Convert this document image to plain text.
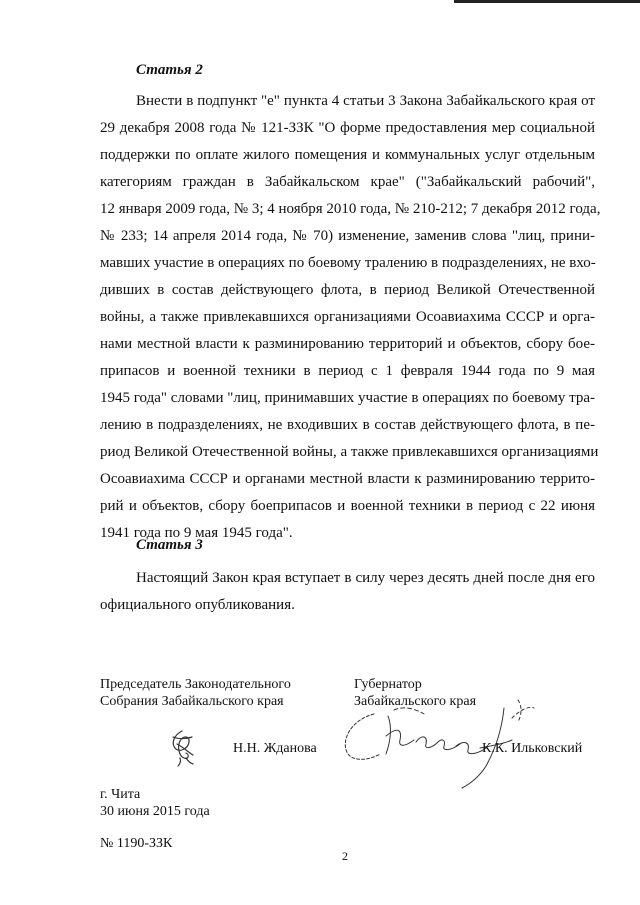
Статья 2

Внести в подпункт "е" пункта 4 статьи 3 Закона Забайкальского края от
29 декабря 2008 года № 121-ЗЗК "О форме предоставления мер социальной
поддержки по оплате жилого помещения и коммунальных услуг отдельным
категориям граждан в Забайкальском крае" ("Забайкальский рабочий",
12 января 2009 года, № 3; 4 ноября 2010 года, № 210-212; 7 декабря 2012 года,
№ 233; 14 апреля 2014 года, № 70) изменение, заменив слова "лиц, прини-
мавших участие в операциях по боевому тралению в подразделениях, не вхо-
дивших в состав действующего флота, в период Великой Отечественной
войны, а также привлекавшихся организациями Осоавиахима СССР и орга-
нами местной власти к разминированию территорий и объектов, сбору бое-
припасов и военной техники в период с 1 февраля 1944 года по 9 мая
1945 года" словами "лиц, принимавших участие в операциях по боевому тра-
лению в подразделениях, не входивших в состав действующего флота, в пе-
риод Великой Отечественной войны, а также привлекавшихся организациями
Осоавиахима СССР и органами местной власти к разминированию террито-
рий и объектов, сбору боеприпасов и военной техники в период с 22 июня
1941 года по 9 мая 1945 года".

Статья 3

Настоящий Закон края вступает в силу через десять дней после дня его
официального опубликования.

Председатель Законодательного
Собрания Забайкальского края
Губернатор
Забайкальского края
Н.Н. Жданова	К.К. Ильковский
г. Чита
30 июня 2015 года
№ 1190-ЗЗК
2
